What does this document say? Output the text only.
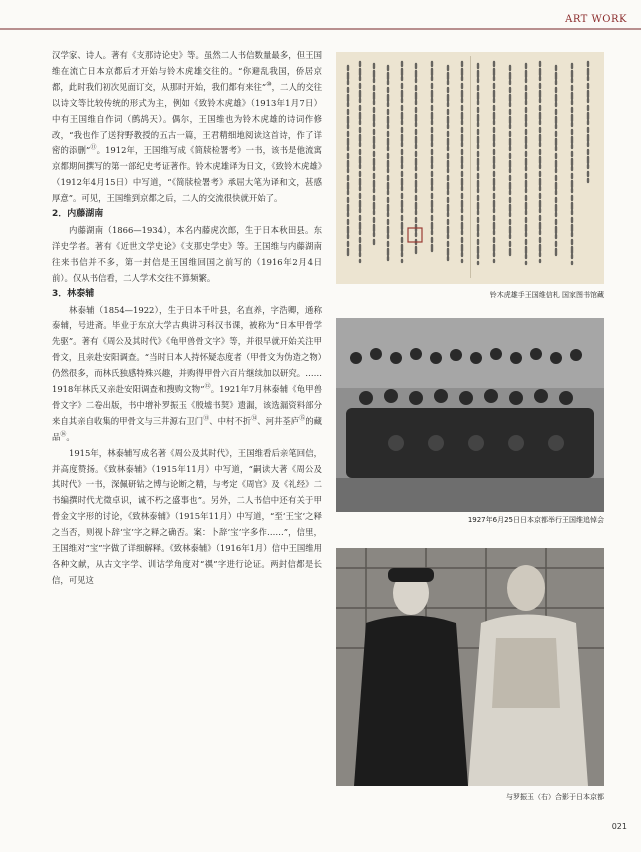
ART WORK

汉学家、诗人。著有《支那诗论史》等。虽然二人书信数量最多，但王国维在流亡日本京都后才开始与铃木虎雄交往的。“你避乱我国，侨居京都，此时我们初次见面订交，从那时开始，我们都有来往”⑩，二人的交往以诗文等比较传统的形式为主，例如《致铃木虎雄》（1913年1月7日）中有王国维自作词（鹧鸪天）。偶尔，王国维也为铃木虎雄的诗词作修改，“我也作了送狩野教授的五古一篇，王君精细地阅读这首诗，作了详密的添删”⑪。1912年，王国维写成《简牍检署考》一书，该书是他流寓京都期间撰写的第一部纪史考证著作。铃木虎雄译为日文，《致铃木虎雄》（1912年4月15日）中写道，“《简牍检署考》承屈大笔为译和文，甚感厚意”。可见，王国维到京都之后，二人的交流很快就开始了。

2．内藤湖南

内藤湖南（1866—1934），本名内藤虎次郎，生于日本秋田县。东洋史学者。著有《近世文学史论》《支那史学史》等。王国维与内藤湖南往来书信并不多，第一封信是王国维回国之前写的（1916年2月4日前）。仅从书信看，二人学术交往不算频繁。

3．林泰辅

林泰辅（1854—1922），生于日本千叶县，名直养，字浩卿，通称泰辅，号进斋。毕业于东京大学古典讲习科汉书课，被称为“日本甲骨学先驱”。著有《周公及其时代》《龟甲兽骨文字》等，并很早就开始关注甲骨文，且亲赴安阳调查。“当时日本人持怀疑态度者（甲骨文为伪造之物）仍然很多，而林氏独感特殊兴趣，并购得甲骨六百片继续加以研究。……1918年林氏又亲赴安阳调查和搜购文物”⑫。1921年7月林泰辅《龟甲兽骨文字》二卷出版，书中增补罗振玉《殷墟书契》遗漏，该选漏资料部分来自其亲自收集的甲骨文与三井源右卫门⑬、中村不折⑭、河井荃庐⑮的藏品⑯。

1915年，林泰辅写成名著《周公及其时代》，王国维看后亲笔回信，并高度赞扬。《致林泰辅》（1915年11月）中写道，“嗣读大著《周公及其时代》一书，深佩研钻之博与论断之精，与考定《周官》及《礼经》二书编撰时代尤徵卓识，诚不朽之盛事也”。另外，二人书信中还有关于甲骨金文字形的讨论，《致林泰辅》（1915年11月）中写道，“至‘王宝’之释之当否，则视卜辞‘宝’字之释之确否。案：卜辞‘宝’字多作……”，信里，王国维对“宝”字做了详细解释。《致林泰辅》（1916年1月）信中王国维用各种文献，从古文字学、训诂学角度对“禩”字进行论证。两封信都是长信，可见这

铃木虎雄手王国维信札 国家图书馆藏
1927年6月25日日本京都举行王国维追悼会
与罗振玉（右）合影于日本京都
021
